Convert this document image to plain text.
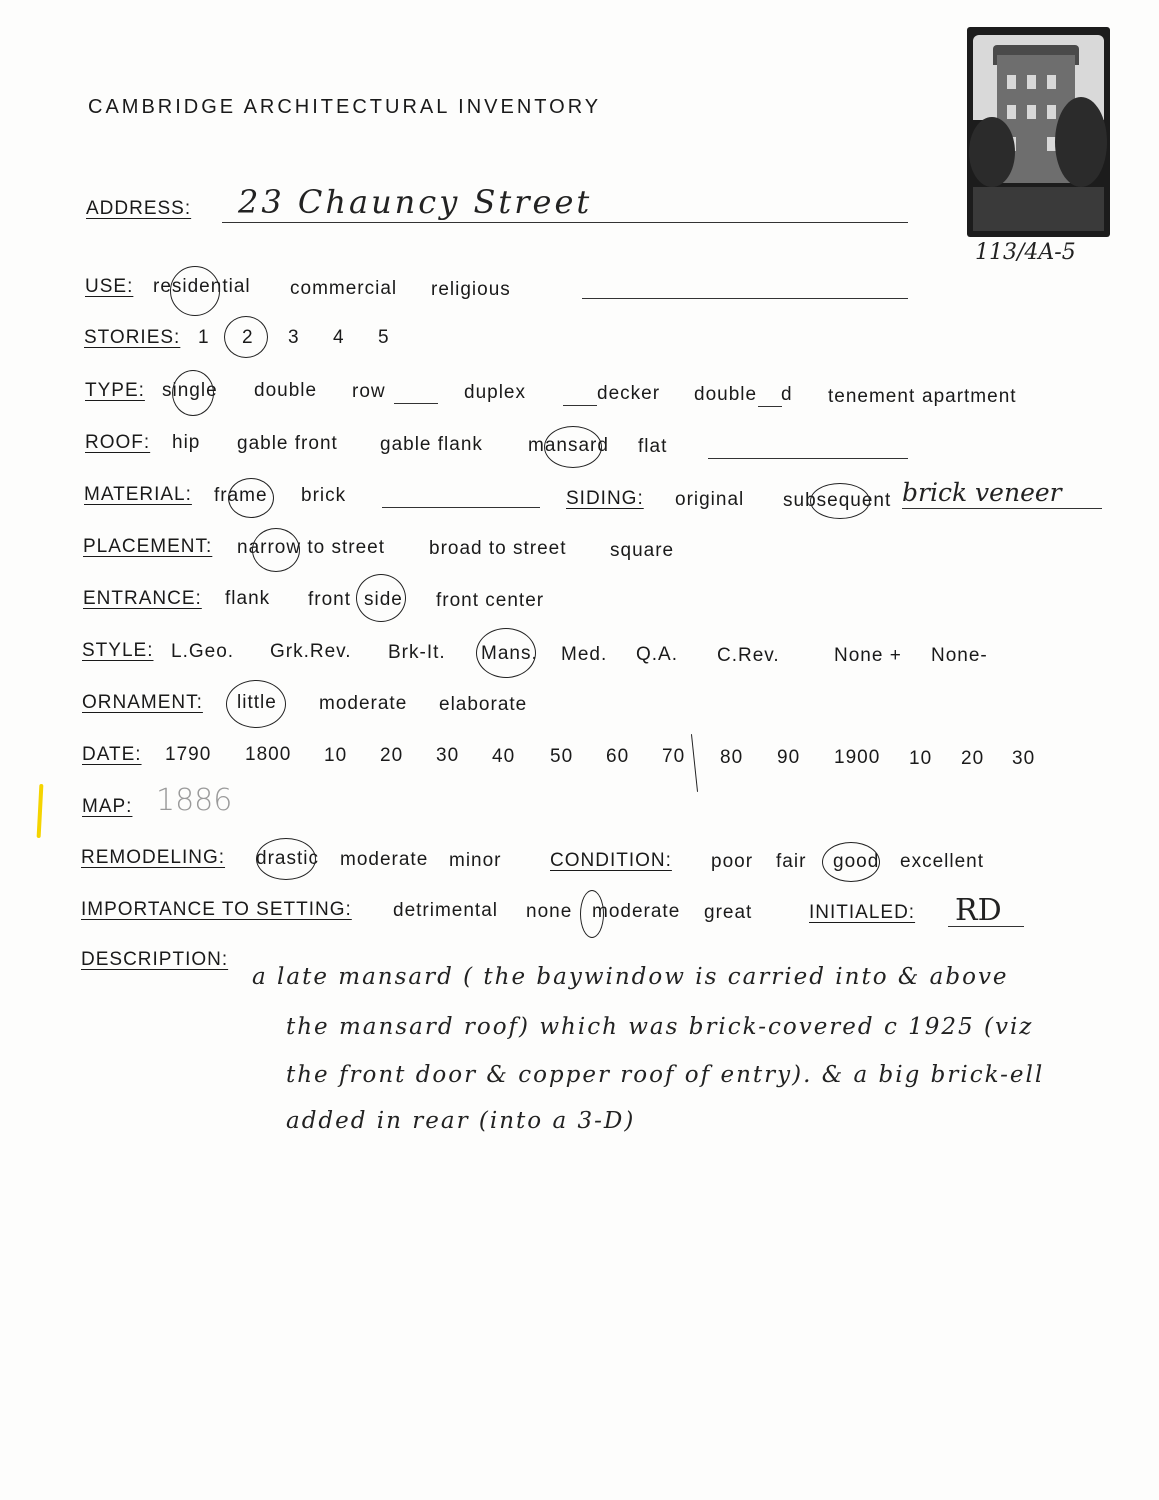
CAMBRIDGE ARCHITECTURAL INVENTORY
113/4A-5
ADDRESS: 23 Chauncy Street
USE: residential commercial religious
STORIES: 1 2 3 4 5
TYPE: single double row	duplex	decker double d tenement apartment
ROOF: hip gable front gable flank mansard flat
MATERIAL: frame brick	SIDING: original subsequent brick veneer
PLACEMENT: narrow to street broad to street square
ENTRANCE: flank front side front center
STYLE: L.Geo. Grk.Rev. Brk-It. Mans. Med. Q.A. C.Rev.	None + None-
ORNAMENT: little moderate elaborate
DATE: 1790 1800 10 20 30 40 50 60 70 80 90 1900 10 20 30
MAP: 1886
REMODELING: drastic moderate minor	CONDITION: poor fair good excellent
IMPORTANCE TO SETTING: detrimental none moderate great	INITIALED: RD
DESCRIPTION:
a late mansard ( the baywindow is carried into & above
the mansard roof) which was brick-covered c 1925 (viz
the front door & copper roof of entry). & a big brick-ell
added in rear (into a 3-D)
